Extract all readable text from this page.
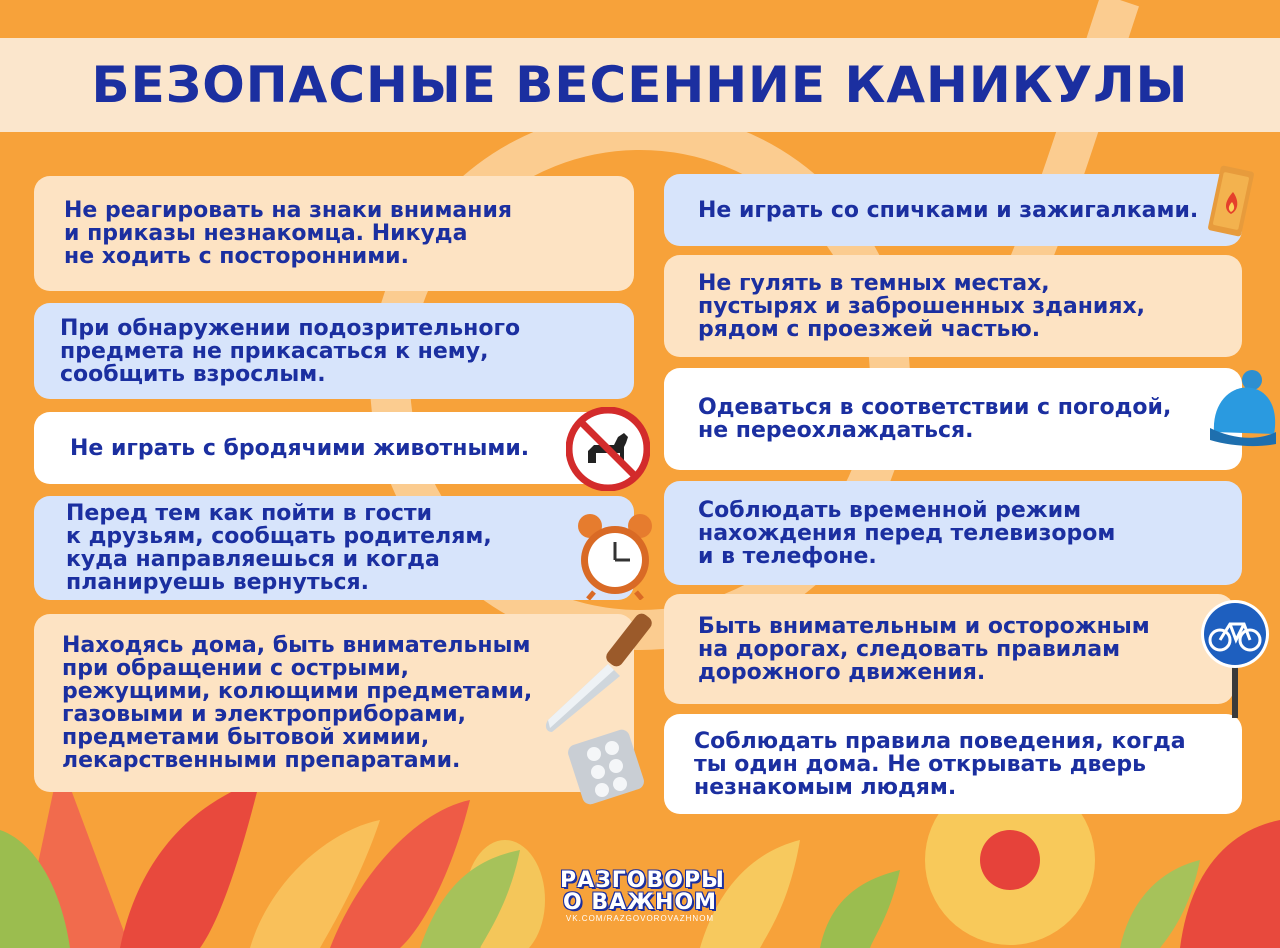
БЕЗОПАСНЫЕ ВЕСЕННИЕ КАНИКУЛЫ
Не реагировать на знаки внимания
и приказы незнакомца. Никуда
не ходить с посторонними.
При обнаружении подозрительного
предмета не прикасаться к нему,
сообщить взрослым.
Не играть с бродячими животными.
Перед тем как пойти в гости
к друзьям, сообщать родителям,
куда направляешься и когда
планируешь вернуться.
Находясь дома, быть внимательным
при обращении с острыми,
режущими, колющими предметами,
газовыми и электроприборами,
предметами бытовой химии,
лекарственными препаратами.
Не играть со спичками и зажигалками.
Не гулять в темных местах,
пустырях и заброшенных зданиях,
рядом с проезжей частью.
Одеваться в соответствии с погодой,
не переохлаждаться.
Соблюдать временной режим
нахождения перед телевизором
и в телефоне.
Быть внимательным и осторожным
на дорогах, следовать правилам
дорожного движения.
Соблюдать правила поведения, когда
ты один дома. Не открывать дверь
незнакомым людям.
РАЗГОВОРЫ
О ВАЖНОМ
VK.COM/RAZGOVOROVAZHNOM
